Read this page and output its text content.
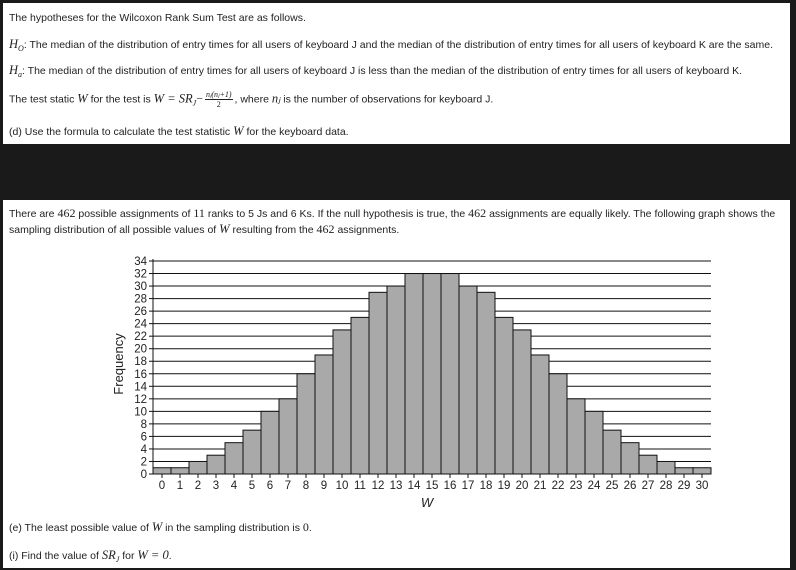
The hypotheses for the Wilcoxon Rank Sum Test are as follows.
$H_O$: The median of the distribution of entry times for all users of keyboard J and the median of the distribution of entry times for all users of keyboard K are the same.
$H_a$: The median of the distribution of entry times for all users of keyboard J is less than the median of the distribution of entry times for all users of keyboard K.
The test static W for the test is $W = SR_J- \frac{\text{nⱼ(nⱼ+1)}}{2}$ , where nⱼ is the number of observations for keyboard J.
(d) Use the formula to calculate the test statistic W for the keyboard data.
There are 462 possible assignments of 11 ranks to 5 Js and 6 Ks. If the null hypothesis is true, the 462 assignments are equally likely. The following graph shows the sampling distribution of all possible values of W resulting from the 462 assignments.
0
2
4
6
8
10
12
14
16
18
20
22
24
26
28
30
32
34
0 1 2 3 4 5 6 7 8 9 10 11 12 13 14 15 16 17 18 19 20 21 22 23 24 25 26 27 28 29 30
Frequency
W
(e) The least possible value of W in the sampling distribution is 0.
(i) Find the value of $SR_J$ for W = 0.
